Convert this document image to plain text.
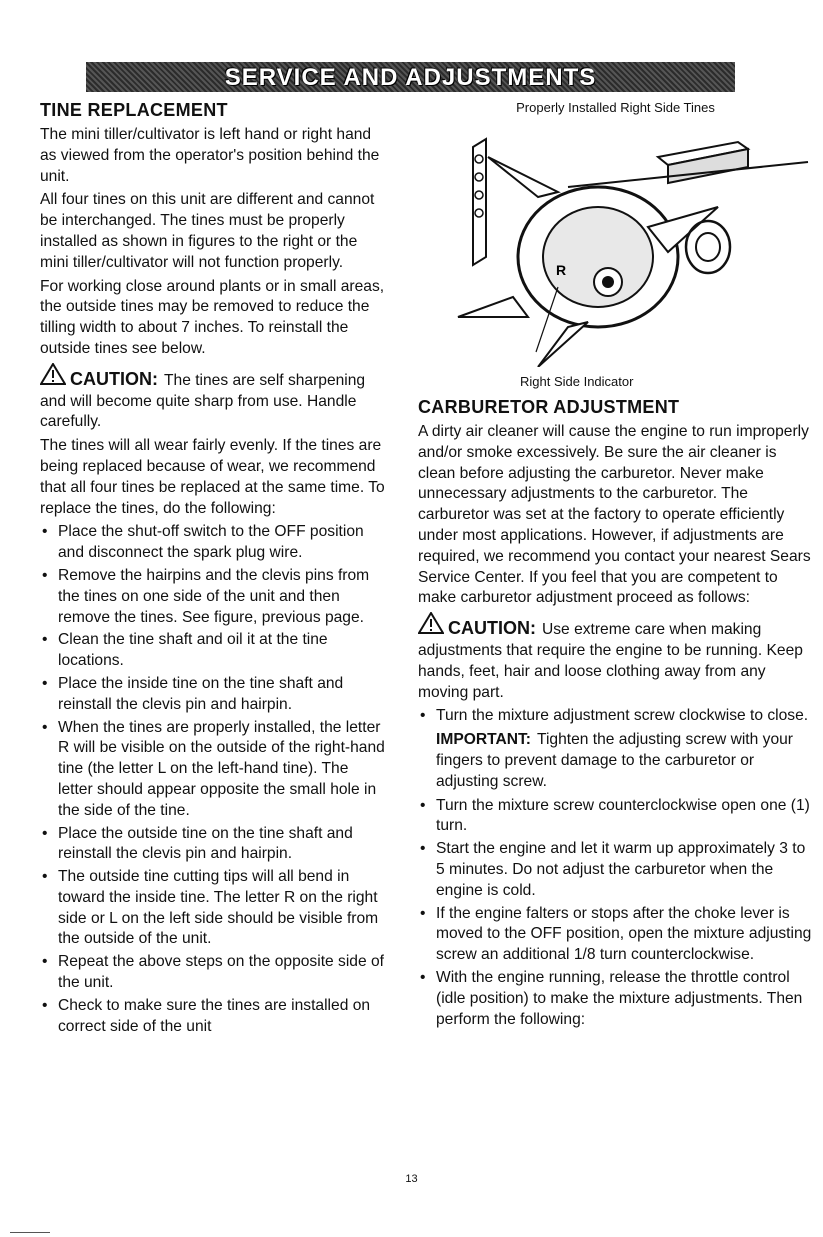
SERVICE AND ADJUSTMENTS
TINE REPLACEMENT

The mini tiller/cultivator is left hand or right hand as viewed from the operator's position behind the unit.

All four tines on this unit are different and cannot be interchanged. The tines must be properly installed as shown in figures to the right or the mini tiller/cultivator will not function properly.

For working close around plants or in small areas, the outside tines may be removed to reduce the tilling width to about 7 inches. To reinstall the outside tines see below.

CAUTION: The tines are self sharpening and will become quite sharp from use. Handle carefully.

The tines will all wear fairly evenly. If the tines are being replaced because of wear, we recommend that all four tines be replaced at the same time. To replace the tines, do the following:

• Place the shut-off switch to the OFF position and disconnect the spark plug wire.
• Remove the hairpins and the clevis pins from the tines on one side of the unit and then remove the tines. See figure, previous page.
• Clean the tine shaft and oil it at the tine locations.
• Place the inside tine on the tine shaft and reinstall the clevis pin and hairpin.
• When the tines are properly installed, the letter R will be visible on the outside of the right-hand tine (the letter L on the left-hand tine). The letter should appear opposite the small hole in the side of the tine.
• Place the outside tine on the tine shaft and reinstall the clevis pin and hairpin.
• The outside tine cutting tips will all bend in toward the inside tine. The letter R on the right side or L on the left side should be visible from the outside of the unit.
• Repeat the above steps on the opposite side of the unit.
• Check to make sure the tines are installed on correct side of the unit
Properly Installed Right Side Tines
R
Right Side Indicator
CARBURETOR ADJUSTMENT

A dirty air cleaner will cause the engine to run improperly and/or smoke excessively. Be sure the air cleaner is clean before adjusting the carburetor. Never make unnecessary adjustments to the carburetor. The carburetor was set at the factory to operate efficiently under most applications. However, if adjustments are required, we recommend you contact your nearest Sears Service Center. If you feel that you are competent to make carburetor adjustment proceed as follows:

CAUTION: Use extreme care when making adjustments that require the engine to be running. Keep hands, feet, hair and loose clothing away from any moving part.

• Turn the mixture adjustment screw clockwise to close.

IMPORTANT: Tighten the adjusting screw with your fingers to prevent damage to the carburetor or adjusting screw.

• Turn the mixture screw counterclockwise open one (1) turn.
• Start the engine and let it warm up approximately 3 to 5 minutes. Do not adjust the carburetor when the engine is cold.
• If the engine falters or stops after the choke lever is moved to the OFF position, open the mixture adjusting screw an additional 1/8 turn counterclockwise.
• With the engine running, release the throttle control (idle position) to make the mixture adjustments. Then perform the following:
13
